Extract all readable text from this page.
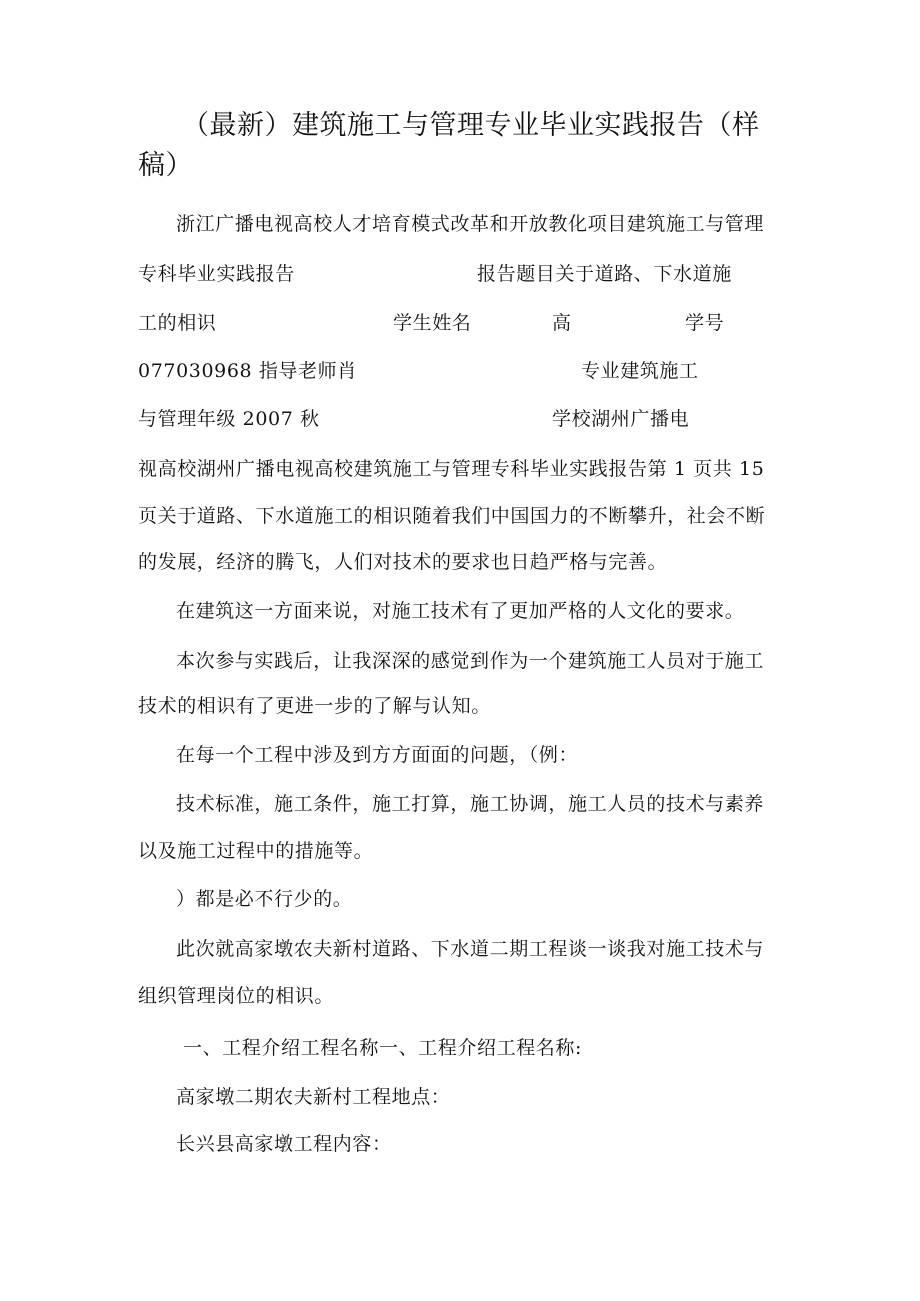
（最新）建筑施工与管理专业毕业实践报告（样稿）
浙江广播电视高校人才培育模式改革和开放教化项目建筑施工与管理
专科毕业实践报告	报告题目关于道路、下水道施
工的相识	学生姓名	高	学号
077030968 指导老师肖	专业建筑施工
与管理年级 2007 秋	学校湖州广播电
视高校湖州广播电视高校建筑施工与管理专科毕业实践报告第 1 页共 15
页关于道路、下水道施工的相识随着我们中国国力的不断攀升，社会不断
的发展，经济的腾飞，人们对技术的要求也日趋严格与完善。
在建筑这一方面来说，对施工技术有了更加严格的人文化的要求。
本次参与实践后，让我深深的感觉到作为一个建筑施工人员对于施工
技术的相识有了更进一步的了解与认知。
在每一个工程中涉及到方方面面的问题，（例：
技术标准，施工条件，施工打算，施工协调，施工人员的技术与素养
以及施工过程中的措施等。
）都是必不行少的。
此次就高家墩农夫新村道路、下水道二期工程谈一谈我对施工技术与
组织管理岗位的相识。
一、工程介绍工程名称一、工程介绍工程名称:
高家墩二期农夫新村工程地点：
长兴县高家墩工程内容：
